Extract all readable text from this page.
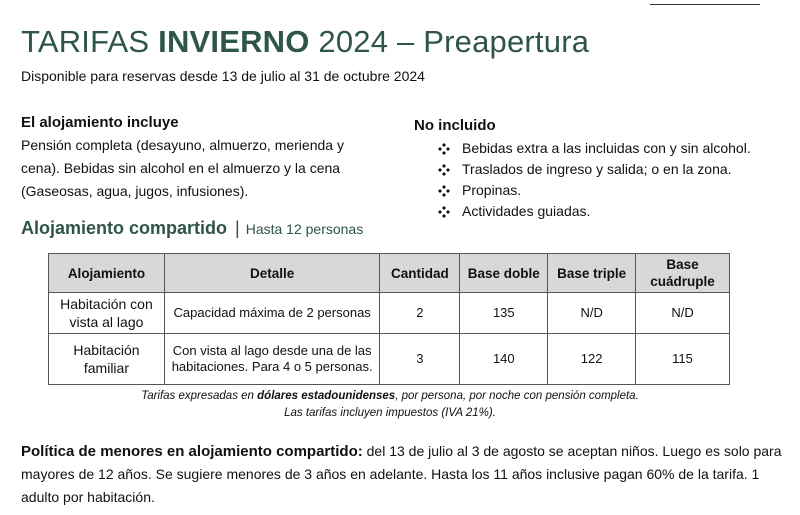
TARIFAS INVIERNO 2024 – Preapertura
Disponible para reservas desde 13 de julio al 31 de octubre 2024
El alojamiento incluye
Pensión completa (desayuno, almuerzo, merienda y cena). Bebidas sin alcohol en el almuerzo y la cena (Gaseosas, agua, jugos, infusiones).
No incluido
Bebidas extra a las incluidas con y sin alcohol.
Traslados de ingreso y salida; o en la zona.
Propinas.
Actividades guiadas.
Alojamiento compartido | Hasta 12 personas
Alojamiento	Detalle	Cantidad	Base doble	Base triple	Base cuádruple
Habitación con vista al lago	Capacidad máxima de 2 personas	2	135	N/D	N/D
Habitación familiar	Con vista al lago desde una de las habitaciones. Para 4 o 5 personas.	3	140	122	115
Tarifas expresadas en dólares estadounidenses, por persona, por noche con pensión completa.
Las tarifas incluyen impuestos (IVA 21%).
Política de menores en alojamiento compartido: del 13 de julio al 3 de agosto se aceptan niños. Luego es solo para mayores de 12 años. Se sugiere menores de 3 años en adelante. Hasta los 11 años inclusive pagan 60% de la tarifa. 1 adulto por habitación.
